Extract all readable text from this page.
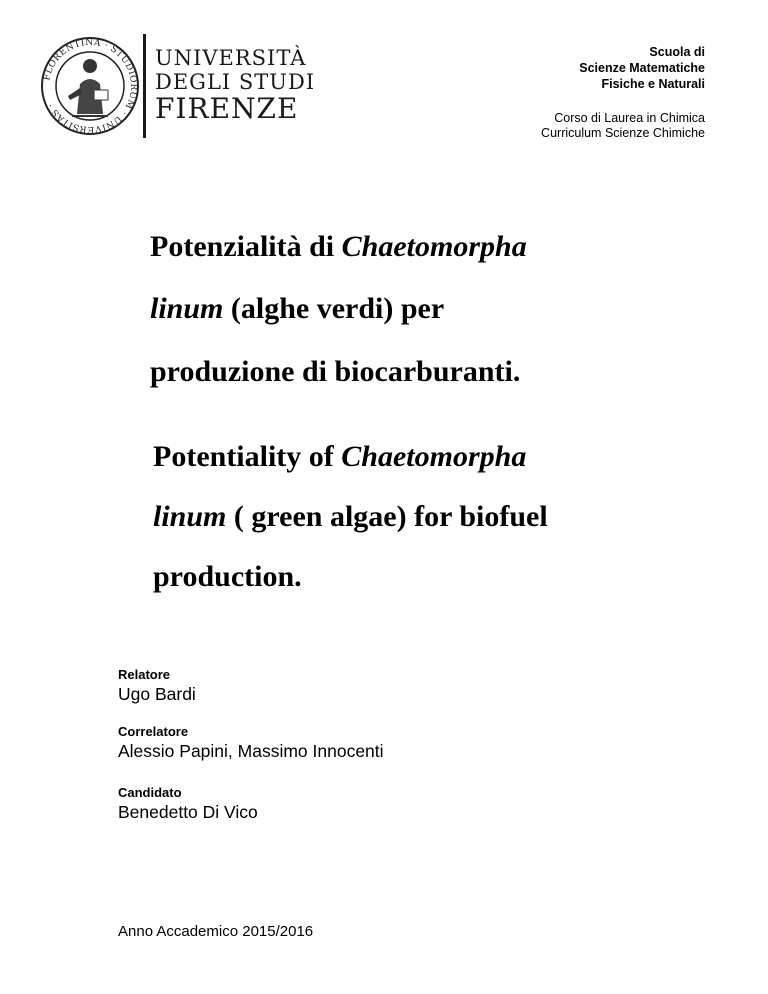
FLORENTINA · STUDIORUM · UNIVERSITAS ·
UNIVERSITÀ
DEGLI STUDI
FIRENZE
Scuola di
Scienze Matematiche
Fisiche e Naturali
Corso di Laurea in Chimica
Curriculum Scienze Chimiche
Potenzialità di Chaetomorpha
linum (alghe verdi) per
produzione di biocarburanti.
Potentiality of Chaetomorpha
linum ( green algae) for biofuel
production.
Relatore
Ugo Bardi
Correlatore
Alessio Papini, Massimo Innocenti
Candidato
Benedetto Di Vico
Anno Accademico 2015/2016
